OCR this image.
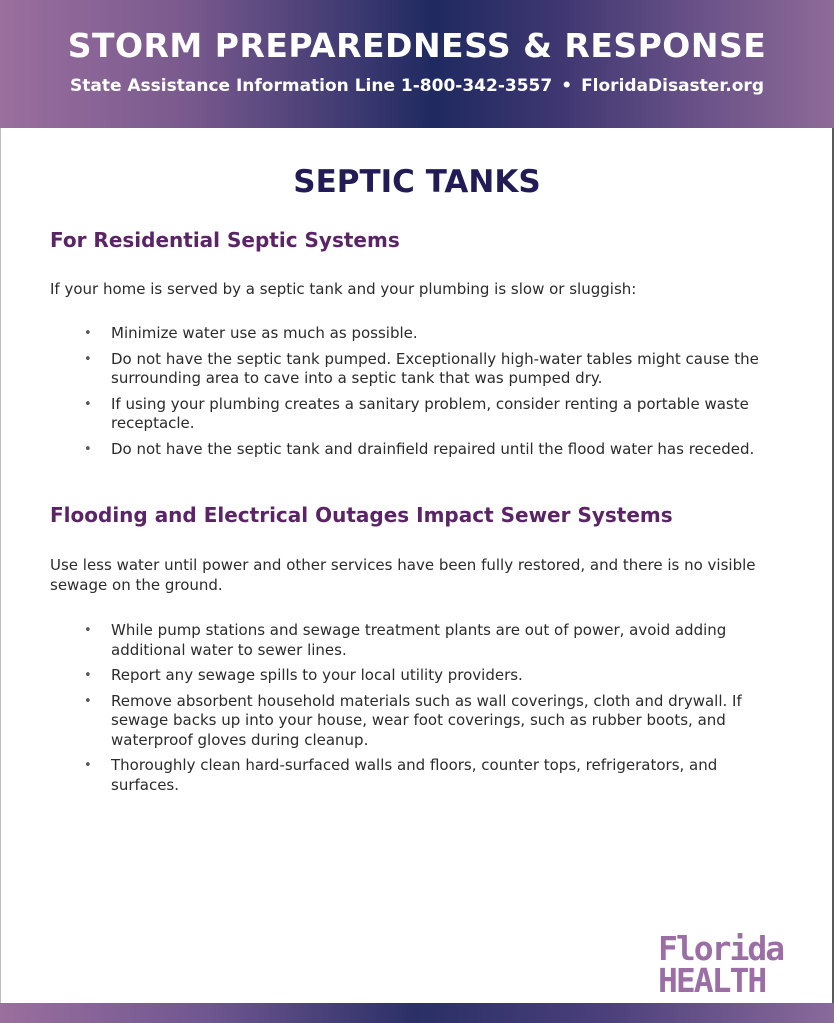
STORM PREPAREDNESS & RESPONSE
State Assistance Information Line 1-800-342-3557 • FloridaDisaster.org
SEPTIC TANKS
For Residential Septic Systems

If your home is served by a septic tank and your plumbing is slow or sluggish:

• Minimize water use as much as possible.
• Do not have the septic tank pumped. Exceptionally high-water tables might cause the surrounding area to cave into a septic tank that was pumped dry.
• If using your plumbing creates a sanitary problem, consider renting a portable waste receptacle.
• Do not have the septic tank and drainfield repaired until the flood water has receded.
Flooding and Electrical Outages Impact Sewer Systems

Use less water until power and other services have been fully restored, and there is no visible sewage on the ground.

• While pump stations and sewage treatment plants are out of power, avoid adding additional water to sewer lines.
• Report any sewage spills to your local utility providers.
• Remove absorbent household materials such as wall coverings, cloth and drywall. If sewage backs up into your house, wear foot coverings, such as rubber boots, and waterproof gloves during cleanup.
• Thoroughly clean hard-surfaced walls and floors, counter tops, refrigerators, and surfaces.
Florida
HEALTH
